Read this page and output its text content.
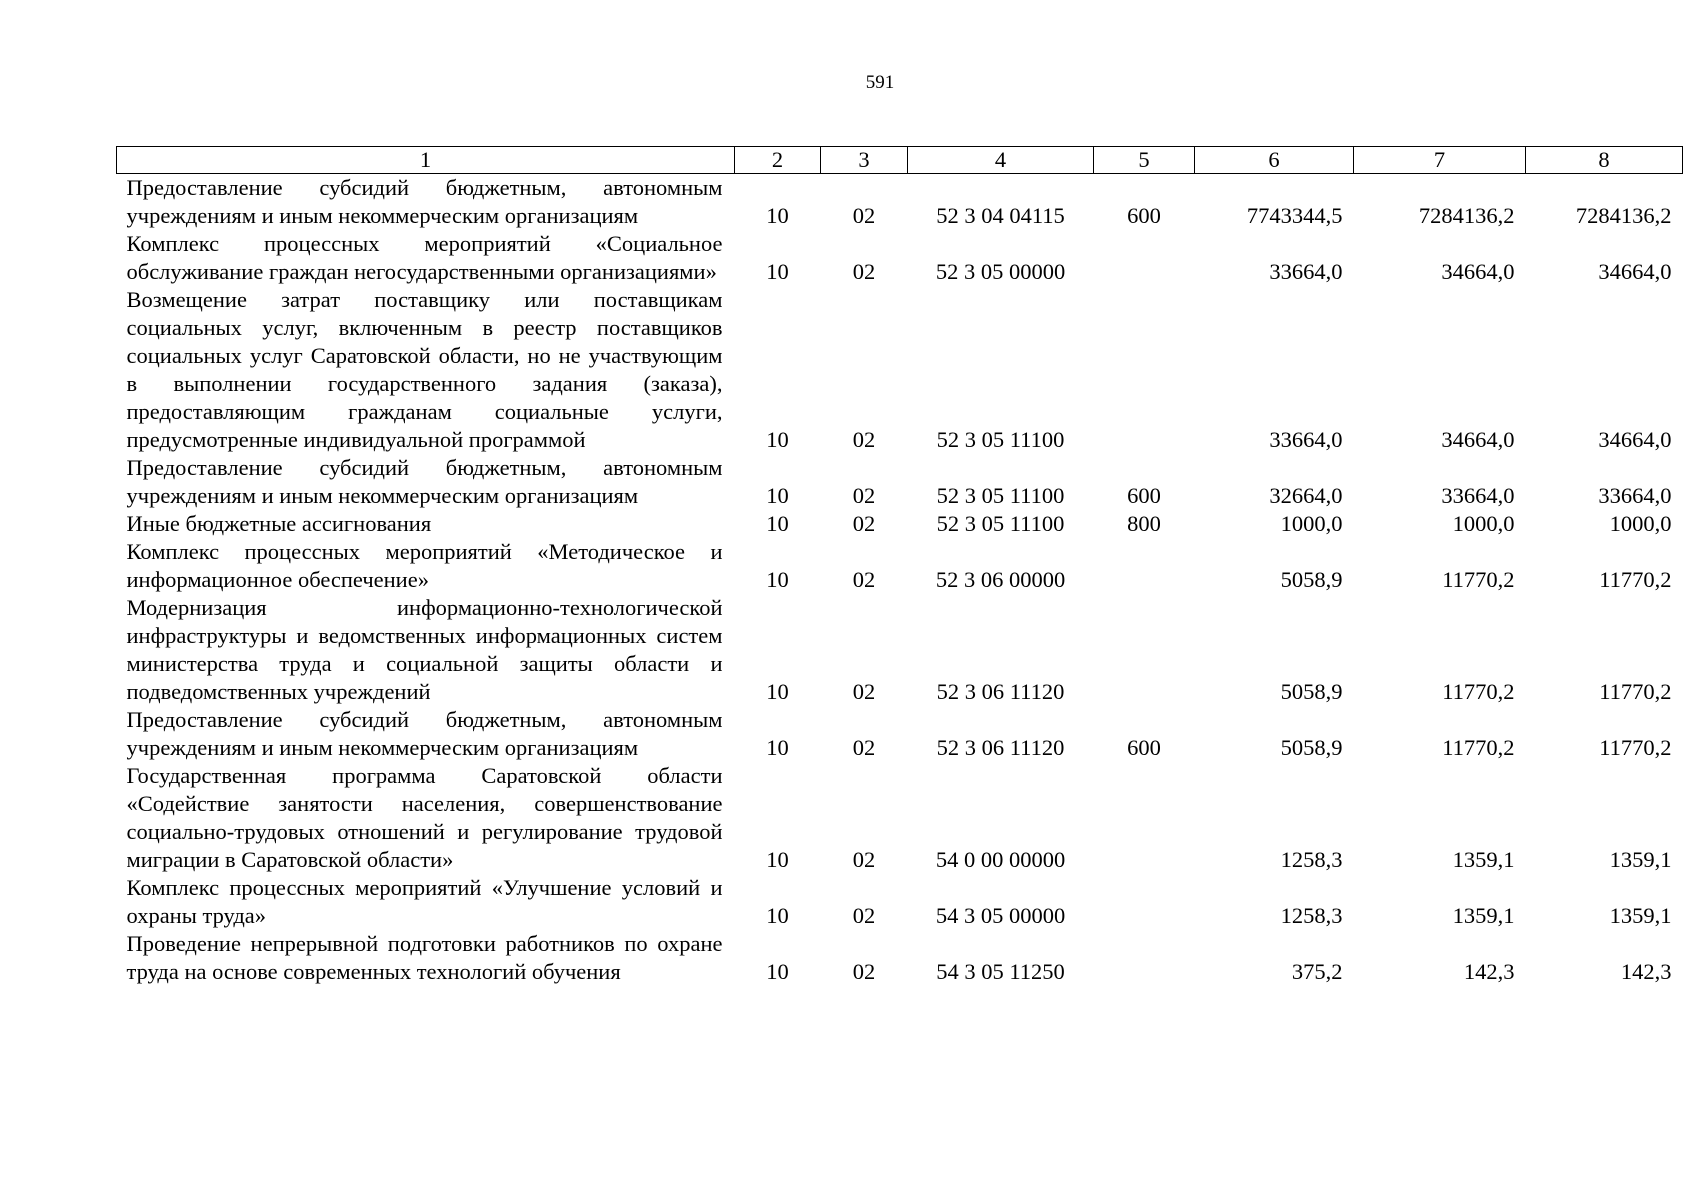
591
1	2	3	4	5	6	7	8

Предоставление субсидий бюджетным, автономным учреждениям и иным некоммерческим организациям	10	02	52 3 04 04115	600	7743344,5	7284136,2	7284136,2

Комплекс процессных мероприятий «Социальное обслуживание граждан негосударственными организациями»	10	02	52 3 05 00000		33664,0	34664,0	34664,0

Возмещение затрат поставщику или поставщикам социальных услуг, включенным в реестр поставщиков социальных услуг Саратовской области, но не участвующим в выполнении государственного задания (заказа), предоставляющим гражданам социальные услуги, предусмотренные индивидуальной программой	10	02	52 3 05 11100		33664,0	34664,0	34664,0

Предоставление субсидий бюджетным, автономным учреждениям и иным некоммерческим организациям	10	02	52 3 05 11100	600	32664,0	33664,0	33664,0

Иные бюджетные ассигнования	10	02	52 3 05 11100	800	1000,0	1000,0	1000,0

Комплекс процессных мероприятий «Методическое и информационное обеспечение»	10	02	52 3 06 00000		5058,9	11770,2	11770,2

Модернизация информационно-технологической инфраструктуры и ведомственных информационных систем министерства труда и социальной защиты области и подведомственных учреждений	10	02	52 3 06 11120		5058,9	11770,2	11770,2

Предоставление субсидий бюджетным, автономным учреждениям и иным некоммерческим организациям	10	02	52 3 06 11120	600	5058,9	11770,2	11770,2

Государственная программа Саратовской области «Содействие занятости населения, совершенствование социально-трудовых отношений и регулирование трудовой миграции в Саратовской области»	10	02	54 0 00 00000		1258,3	1359,1	1359,1

Комплекс процессных мероприятий «Улучшение условий и охраны труда»	10	02	54 3 05 00000		1258,3	1359,1	1359,1

Проведение непрерывной подготовки работников по охране труда на основе современных технологий обучения	10	02	54 3 05 11250		375,2	142,3	142,3
